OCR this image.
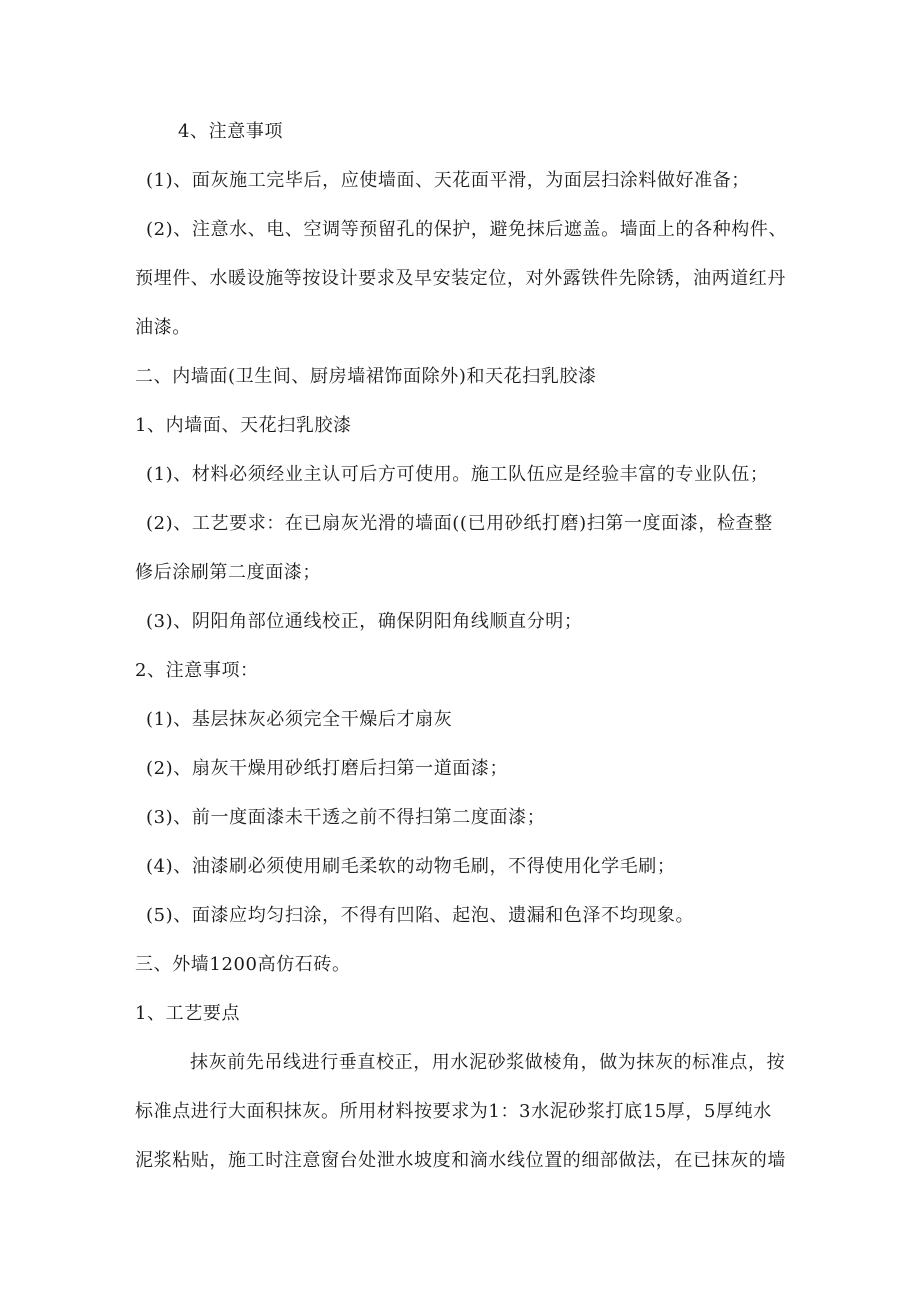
4、注意事项
(1)、面灰施工完毕后，应使墙面、天花面平滑，为面层扫涂料做好准备；
(2)、注意水、电、空调等预留孔的保护，避免抹后遮盖。墙面上的各种构件、
预埋件、水暖设施等按设计要求及早安装定位，对外露铁件先除锈，油两道红丹
油漆。
二、内墙面(卫生间、厨房墙裙饰面除外)和天花扫乳胶漆
1、内墙面、天花扫乳胶漆
(1)、材料必须经业主认可后方可使用。施工队伍应是经验丰富的专业队伍；
(2)、工艺要求：在已扇灰光滑的墙面((已用砂纸打磨)扫第一度面漆，检查整
修后涂刷第二度面漆；
(3)、阴阳角部位通线校正，确保阴阳角线顺直分明；
2、注意事项：
(1)、基层抹灰必须完全干燥后才扇灰
(2)、扇灰干燥用砂纸打磨后扫第一道面漆；
(3)、前一度面漆未干透之前不得扫第二度面漆；
(4)、油漆刷必须使用刷毛柔软的动物毛刷，不得使用化学毛刷；
(5)、面漆应均匀扫涂，不得有凹陷、起泡、遗漏和色泽不均现象。
三、外墙1200高仿石砖。
1、工艺要点
抹灰前先吊线进行垂直校正，用水泥砂浆做棱角，做为抹灰的标准点，按
标准点进行大面积抹灰。所用材料按要求为1：3水泥砂浆打底15厚，5厚纯水
泥浆粘贴，施工时注意窗台处泄水坡度和滴水线位置的细部做法，在已抹灰的墙
